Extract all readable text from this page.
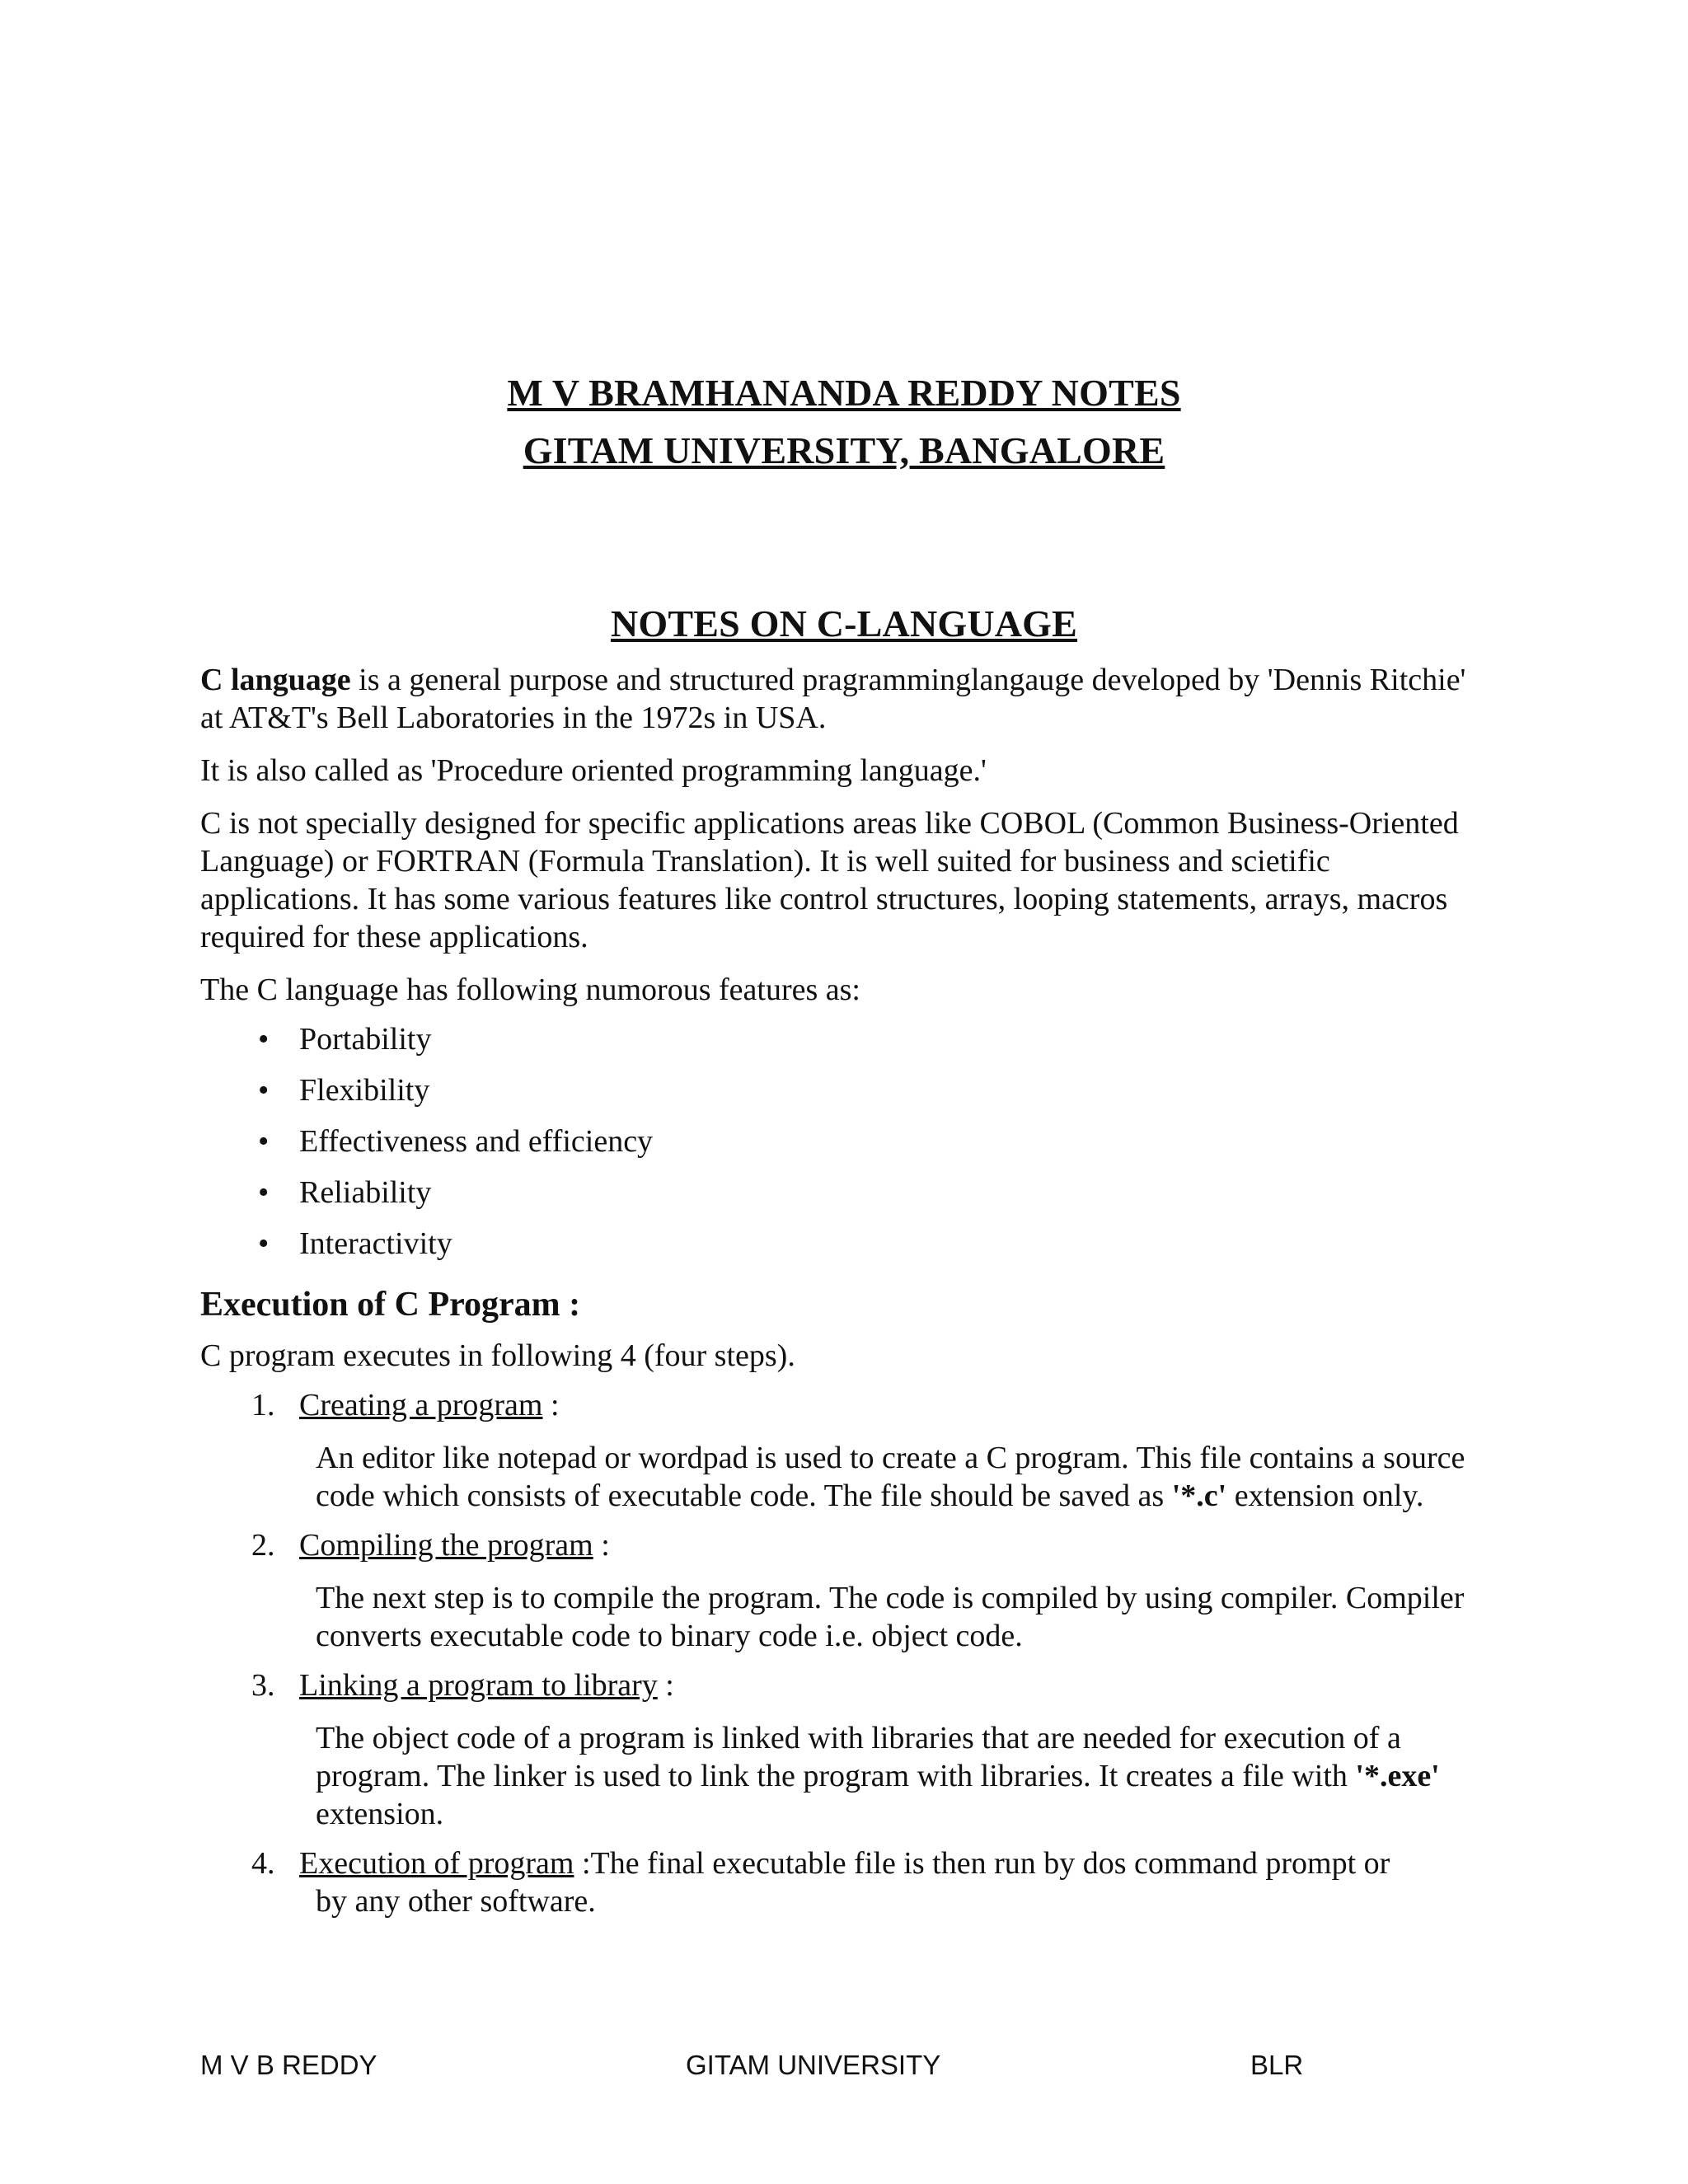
M V BRAMHANANDA REDDY NOTES
GITAM UNIVERSITY, BANGALORE
NOTES ON C-LANGUAGE

C language is a general purpose and structured pragramminglangauge developed by 'Dennis Ritchie' at AT&T's Bell Laboratories in the 1972s in USA.

It is also called as 'Procedure oriented programming language.'

C is not specially designed for specific applications areas like COBOL (Common Business-Oriented Language) or FORTRAN (Formula Translation). It is well suited for business and scietific applications. It has some various features like control structures, looping statements, arrays, macros required for these applications.

The C language has following numorous features as:

• Portability
• Flexibility
• Effectiveness and efficiency
• Reliability
• Interactivity
Execution of C Program :

C program executes in following 4 (four steps).

1. Creating a program :
An editor like notepad or wordpad is used to create a C program. This file contains a source code which consists of executable code. The file should be saved as '*.c' extension only.
2. Compiling the program :
The next step is to compile the program. The code is compiled by using compiler. Compiler converts executable code to binary code i.e. object code.
3. Linking a program to library :
The object code of a program is linked with libraries that are needed for execution of a program. The linker is used to link the program with libraries. It creates a file with '*.exe' extension.
4. Execution of program :The final executable file is then run by dos command prompt or
by any other software.
M V B REDDY	GITAM UNIVERSITY	BLR
